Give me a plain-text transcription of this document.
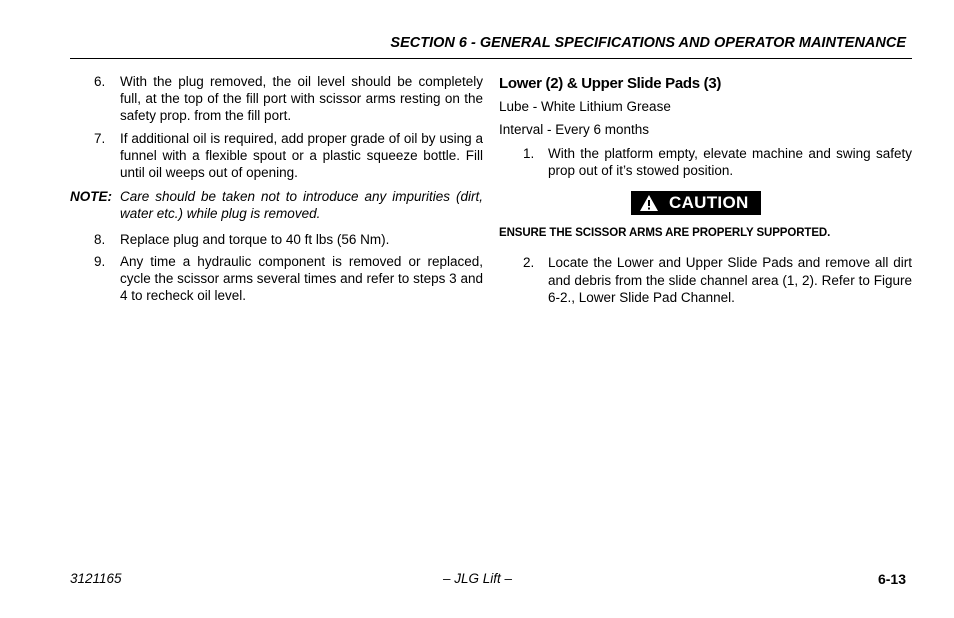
SECTION 6 - GENERAL SPECIFICATIONS AND OPERATOR MAINTENANCE
6. With the plug removed, the oil level should be completely full, at the top of the fill port with scissor arms resting on the safety prop. from the fill port.
7. If additional oil is required, add proper grade of oil by using a funnel with a flexible spout or a plastic squeeze bottle. Fill until oil weeps out of opening.
NOTE: Care should be taken not to introduce any impurities (dirt, water etc.) while plug is removed.
8. Replace plug and torque to 40 ft lbs (56 Nm).
9. Any time a hydraulic component is removed or replaced, cycle the scissor arms several times and refer to steps 3 and 4 to recheck oil level.
Lower (2) & Upper Slide Pads (3)
Lube - White Lithium Grease
Interval - Every 6 months
1. With the platform empty, elevate machine and swing safety prop out of it’s stowed position.
CAUTION
ENSURE THE SCISSOR ARMS ARE PROPERLY SUPPORTED.
2. Locate the Lower and Upper Slide Pads and remove all dirt and debris from the slide channel area (1, 2). Refer to Figure 6-2., Lower Slide Pad Channel.
3121165	– JLG Lift –	6-13
